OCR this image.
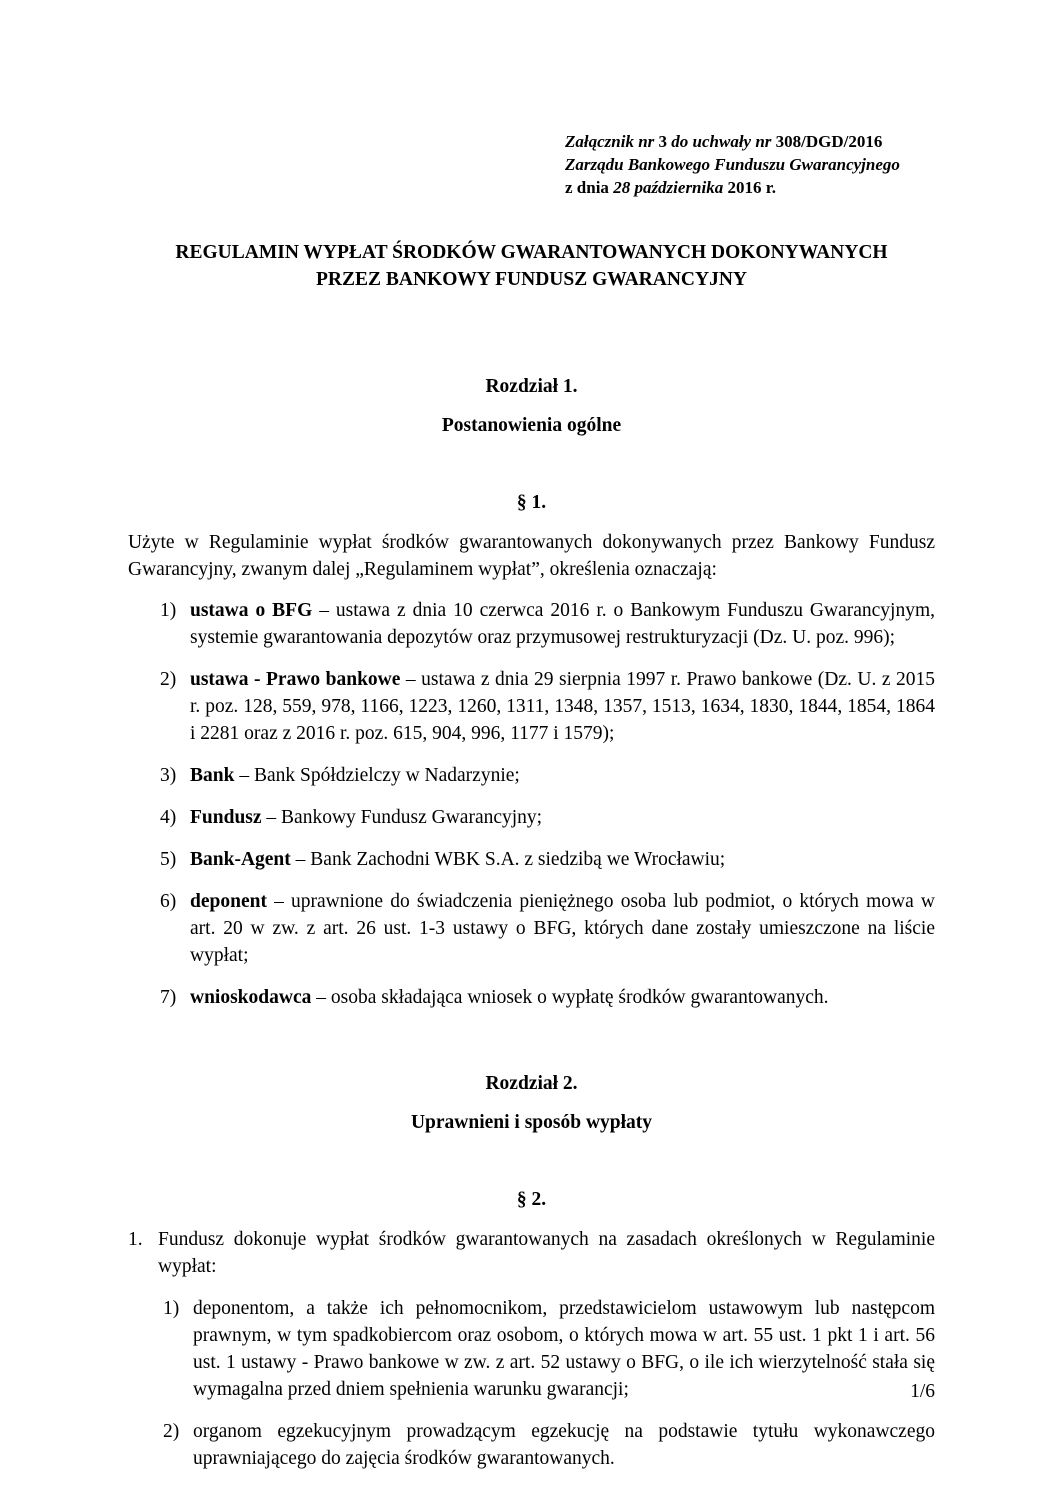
Załącznik nr 3 do uchwały nr 308/DGD/2016
Zarządu Bankowego Funduszu Gwarancyjnego
z dnia 28 października 2016 r.
REGULAMIN WYPŁAT ŚRODKÓW GWARANTOWANYCH DOKONYWANYCH
PRZEZ BANKOWY FUNDUSZ GWARANCYJNY
Rozdział 1.
Postanowienia ogólne
§ 1.
Użyte w Regulaminie wypłat środków gwarantowanych dokonywanych przez Bankowy Fundusz Gwarancyjny, zwanym dalej „Regulaminem wypłat”, określenia oznaczają:
1) ustawa o BFG – ustawa z dnia 10 czerwca 2016 r. o Bankowym Funduszu Gwarancyjnym, systemie gwarantowania depozytów oraz przymusowej restrukturyzacji (Dz. U. poz. 996);
2) ustawa - Prawo bankowe – ustawa z dnia 29 sierpnia 1997 r. Prawo bankowe (Dz. U. z 2015 r. poz. 128, 559, 978, 1166, 1223, 1260, 1311, 1348, 1357, 1513, 1634, 1830, 1844, 1854, 1864 i 2281 oraz z 2016 r. poz. 615, 904, 996, 1177 i 1579);
3) Bank – Bank Spółdzielczy w Nadarzynie;
4) Fundusz – Bankowy Fundusz Gwarancyjny;
5) Bank-Agent – Bank Zachodni WBK S.A. z siedzibą we Wrocławiu;
6) deponent – uprawnione do świadczenia pieniężnego osoba lub podmiot, o których mowa w art. 20 w zw. z art. 26 ust. 1-3 ustawy o BFG, których dane zostały umieszczone na liście wypłat;
7) wnioskodawca – osoba składająca wniosek o wypłatę środków gwarantowanych.
Rozdział 2.
Uprawnieni i sposób wypłaty
§ 2.
1. Fundusz dokonuje wypłat środków gwarantowanych na zasadach określonych w Regulaminie wypłat:
1) deponentom, a także ich pełnomocnikom, przedstawicielom ustawowym lub następcom prawnym, w tym spadkobiercom oraz osobom, o których mowa w art. 55 ust. 1 pkt 1 i art. 56 ust. 1 ustawy - Prawo bankowe w zw. z art. 52 ustawy o BFG, o ile ich wierzytelność stała się wymagalna przed dniem spełnienia warunku gwarancji;
2) organom egzekucyjnym prowadzącym egzekucję na podstawie tytułu wykonawczego uprawniającego do zajęcia środków gwarantowanych.
1/6
